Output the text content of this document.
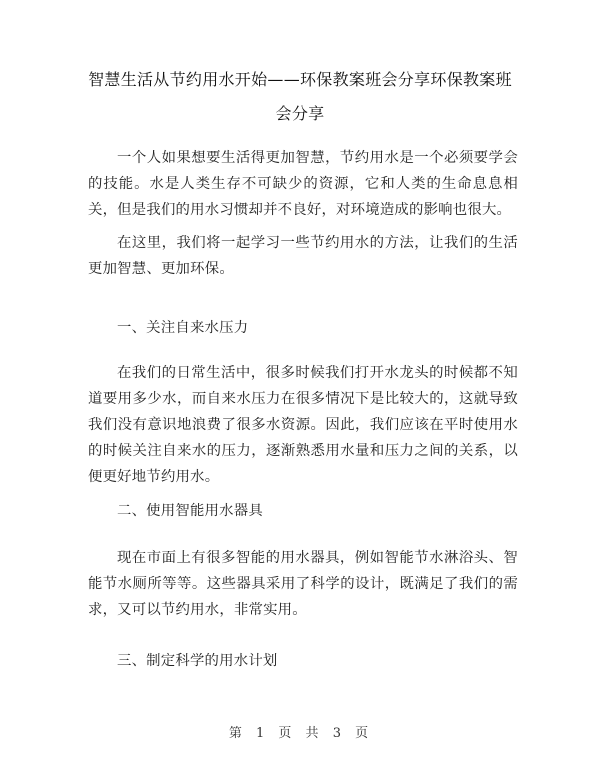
智慧生活从节约用水开始——环保教案班会分享环保教案班会分享

一个人如果想要生活得更加智慧，节约用水是一个必须要学会的技能。水是人类生存不可缺少的资源，它和人类的生命息息相关，但是我们的用水习惯却并不良好，对环境造成的影响也很大。

在这里，我们将一起学习一些节约用水的方法，让我们的生活更加智慧、更加环保。

一、关注自来水压力

在我们的日常生活中，很多时候我们打开水龙头的时候都不知道要用多少水，而自来水压力在很多情况下是比较大的，这就导致我们没有意识地浪费了很多水资源。因此，我们应该在平时使用水的时候关注自来水的压力，逐渐熟悉用水量和压力之间的关系，以便更好地节约用水。

二、使用智能用水器具

现在市面上有很多智能的用水器具，例如智能节水淋浴头、智能节水厕所等等。这些器具采用了科学的设计，既满足了我们的需求，又可以节约用水，非常实用。

三、制定科学的用水计划

第 1 页 共 3 页
